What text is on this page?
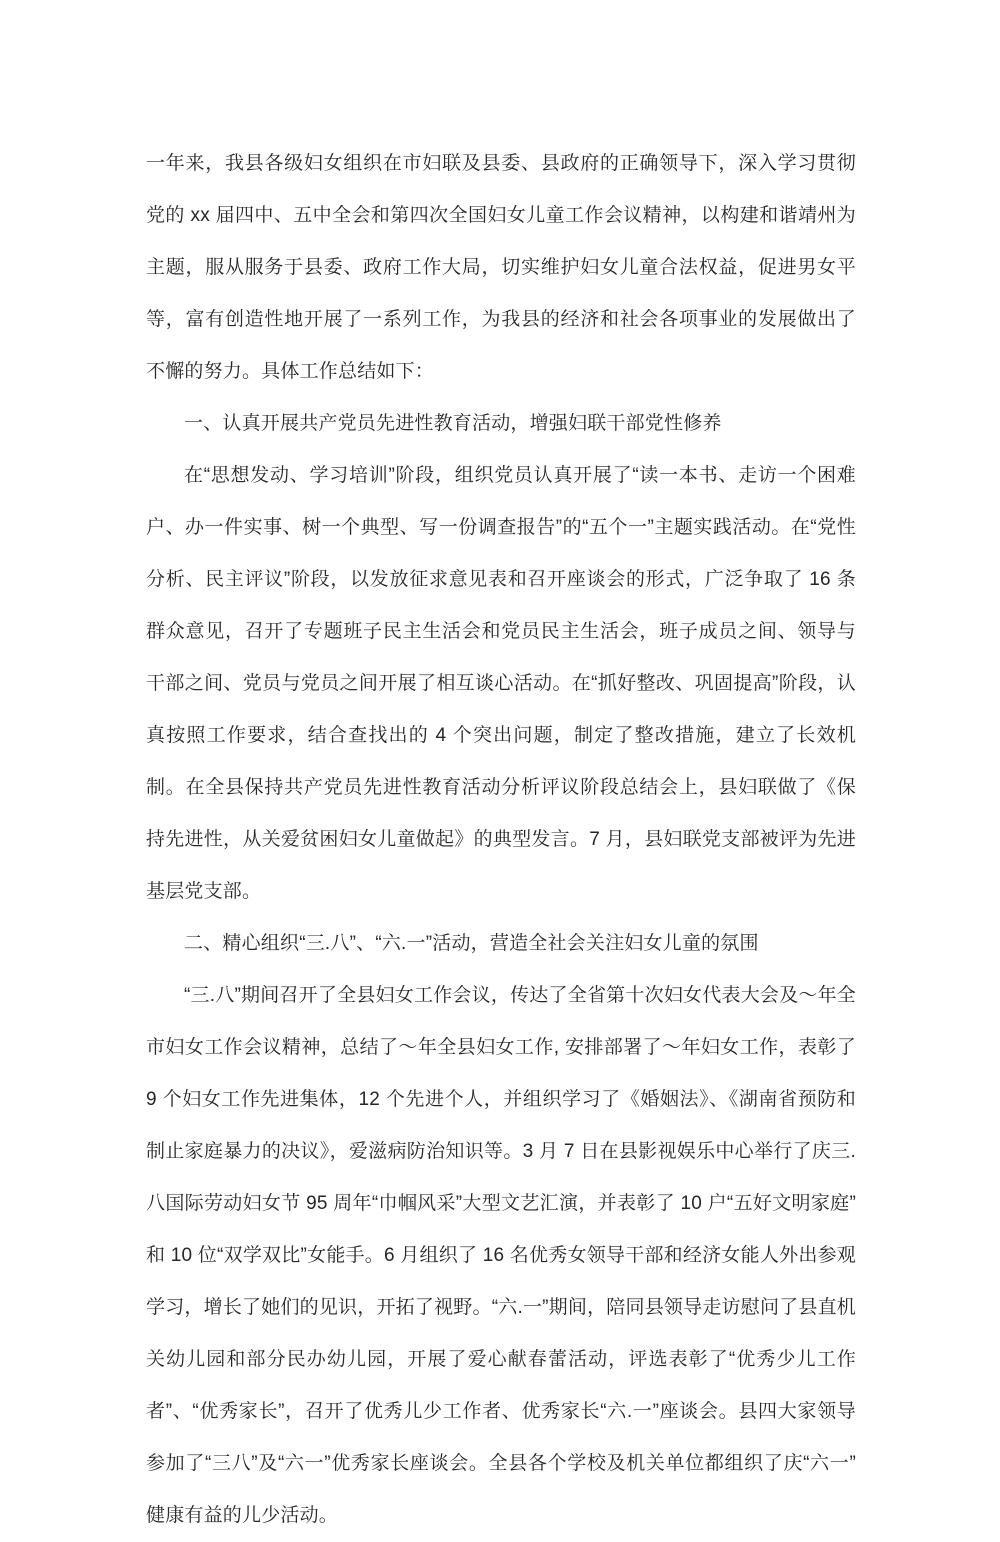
一年来，我县各级妇女组织在市妇联及县委、县政府的正确领导下，深入学习贯彻党的 xx 届四中、五中全会和第四次全国妇女儿童工作会议精神，以构建和谐靖州为主题，服从服务于县委、政府工作大局，切实维护妇女儿童合法权益，促进男女平等，富有创造性地开展了一系列工作，为我县的经济和社会各项事业的发展做出了不懈的努力。具体工作总结如下：

一、认真开展共产党员先进性教育活动，增强妇联干部党性修养

在“思想发动、学习培训”阶段，组织党员认真开展了“读一本书、走访一个困难户、办一件实事、树一个典型、写一份调查报告”的“五个一”主题实践活动。在“党性分析、民主评议”阶段，以发放征求意见表和召开座谈会的形式，广泛争取了 16 条群众意见，召开了专题班子民主生活会和党员民主生活会，班子成员之间、领导与干部之间、党员与党员之间开展了相互谈心活动。在“抓好整改、巩固提高”阶段，认真按照工作要求，结合查找出的 4 个突出问题，制定了整改措施，建立了长效机制。在全县保持共产党员先进性教育活动分析评议阶段总结会上，县妇联做了《保持先进性，从关爱贫困妇女儿童做起》的典型发言。7 月，县妇联党支部被评为先进基层党支部。

二、精心组织“三.八”、“六.一”活动，营造全社会关注妇女儿童的氛围

“三.八”期间召开了全县妇女工作会议，传达了全省第十次妇女代表大会及～年全市妇女工作会议精神，总结了～年全县妇女工作, 安排部署了～年妇女工作，表彰了 9 个妇女工作先进集体，12 个先进个人，并组织学习了《婚姻法》、《湖南省预防和制止家庭暴力的决议》，爱滋病防治知识等。3 月 7 日在县影视娱乐中心举行了庆三.八国际劳动妇女节 95 周年“巾帼风采”大型文艺汇演，并表彰了 10 户“五好文明家庭”和 10 位“双学双比”女能手。6 月组织了 16 名优秀女领导干部和经济女能人外出参观学习，增长了她们的见识，开拓了视野。“六.一”期间，陪同县领导走访慰问了县直机关幼儿园和部分民办幼儿园，开展了爱心献春蕾活动，评选表彰了“优秀少儿工作者”、“优秀家长”，召开了优秀儿少工作者、优秀家长“六.一”座谈会。县四大家领导参加了“三八”及“六一”优秀家长座谈会。全县各个学校及机关单位都组织了庆“六一”健康有益的儿少活动。
